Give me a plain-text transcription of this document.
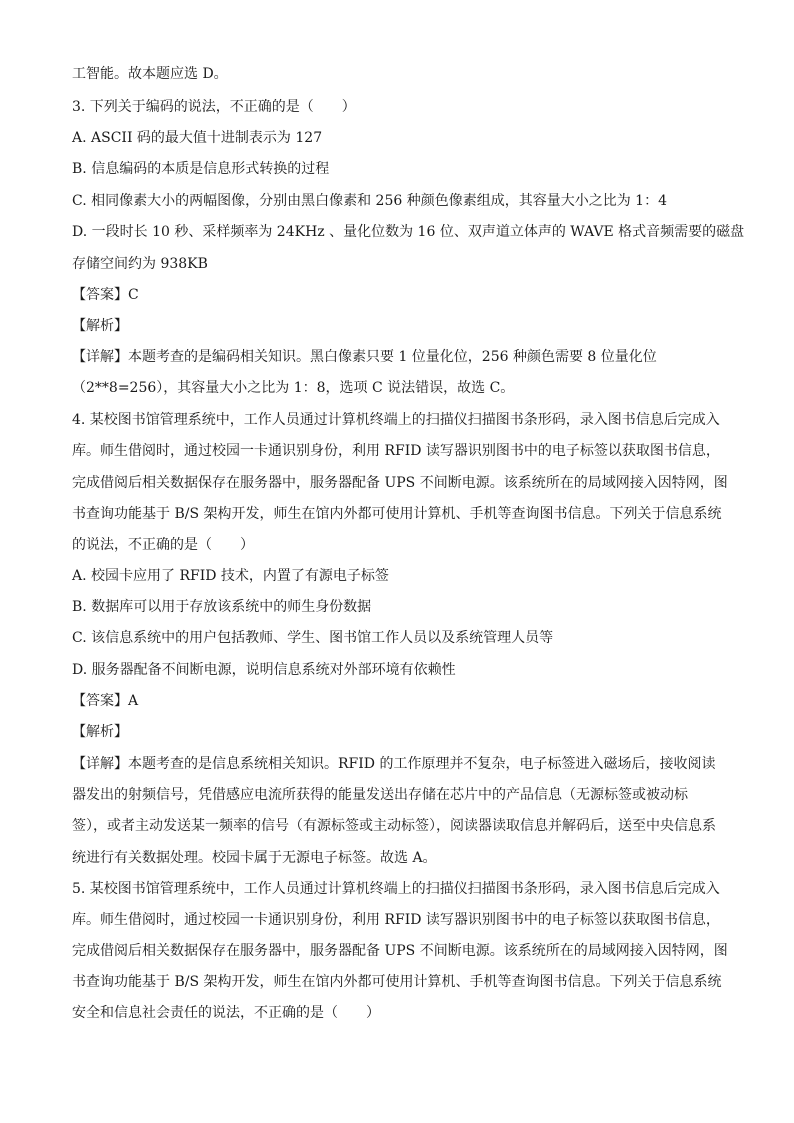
工智能。故本题应选 D。
3. 下列关于编码的说法，不正确的是（　　）
A. ASCII 码的最大值十进制表示为 127
B. 信息编码的本质是信息形式转换的过程
C. 相同像素大小的两幅图像，分别由黑白像素和 256 种颜色像素组成，其容量大小之比为 1：4
D. 一段时长 10 秒、采样频率为 24KHz 、量化位数为 16 位、双声道立体声的 WAVE 格式音频需要的磁盘
存储空间约为 938KB
【答案】C
【解析】
【详解】本题考查的是编码相关知识。黑白像素只要 1 位量化位，256 种颜色需要 8 位量化位
（2**8=256），其容量大小之比为 1：8，选项 C 说法错误，故选 C。
4. 某校图书馆管理系统中，工作人员通过计算机终端上的扫描仪扫描图书条形码，录入图书信息后完成入
库。师生借阅时，通过校园一卡通识别身份，利用 RFID 读写器识别图书中的电子标签以获取图书信息，
完成借阅后相关数据保存在服务器中，服务器配备 UPS 不间断电源。该系统所在的局域网接入因特网，图
书查询功能基于 B/S 架构开发，师生在馆内外都可使用计算机、手机等查询图书信息。下列关于信息系统
的说法，不正确的是（　　）
A. 校园卡应用了 RFID 技术，内置了有源电子标签
B. 数据库可以用于存放该系统中的师生身份数据
C. 该信息系统中的用户包括教师、学生、图书馆工作人员以及系统管理人员等
D. 服务器配备不间断电源，说明信息系统对外部环境有依赖性
【答案】A
【解析】
【详解】本题考查的是信息系统相关知识。RFID 的工作原理并不复杂，电子标签进入磁场后，接收阅读
器发出的射频信号，凭借感应电流所获得的能量发送出存储在芯片中的产品信息（无源标签或被动标
签），或者主动发送某一频率的信号（有源标签或主动标签），阅读器读取信息并解码后，送至中央信息系
统进行有关数据处理。校园卡属于无源电子标签。故选 A。
5. 某校图书馆管理系统中，工作人员通过计算机终端上的扫描仪扫描图书条形码，录入图书信息后完成入
库。师生借阅时，通过校园一卡通识别身份，利用 RFID 读写器识别图书中的电子标签以获取图书信息，
完成借阅后相关数据保存在服务器中，服务器配备 UPS 不间断电源。该系统所在的局域网接入因特网，图
书查询功能基于 B/S 架构开发，师生在馆内外都可使用计算机、手机等查询图书信息。下列关于信息系统
安全和信息社会责任的说法，不正确的是（　　）
